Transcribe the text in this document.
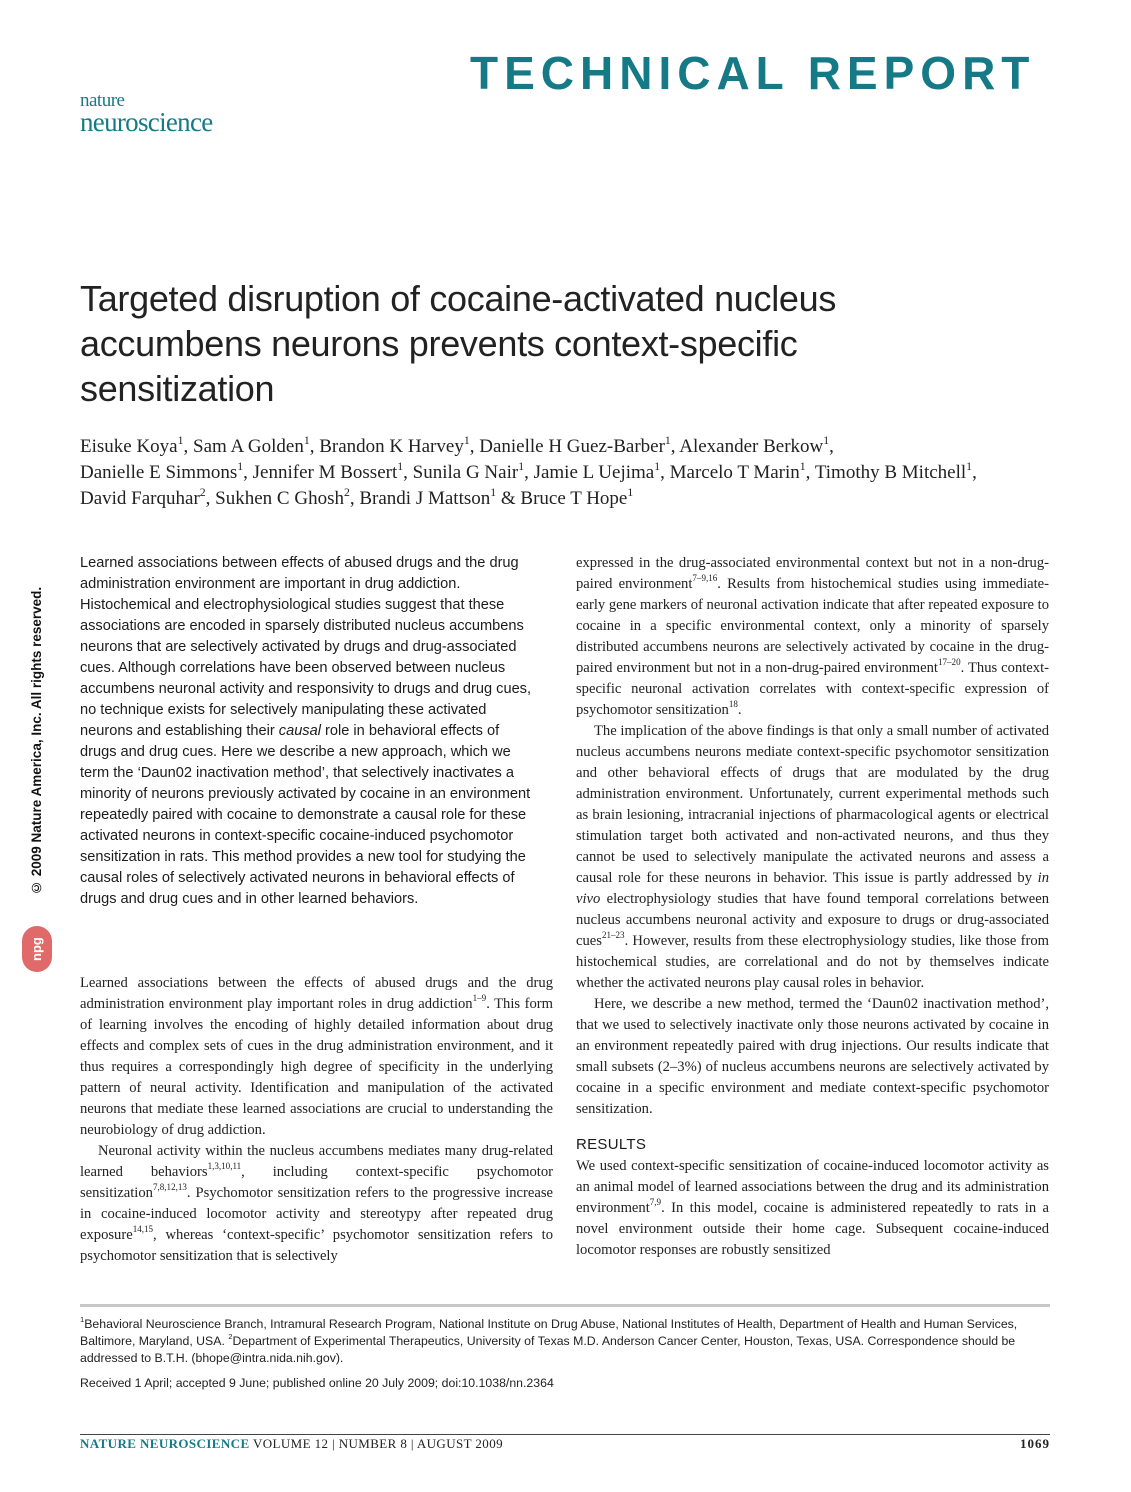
TECHNICAL REPORT
nature
neuroscience
Targeted disruption of cocaine-activated nucleus accumbens neurons prevents context-specific sensitization
Eisuke Koya$^1$, Sam A Golden$^1$, Brandon K Harvey$^1$, Danielle H Guez-Barber$^1$, Alexander Berkow$^1$, Danielle E Simmons$^1$, Jennifer M Bossert$^1$, Sunila G Nair$^1$, Jamie L Uejima$^1$, Marcelo T Marin$^1$, Timothy B Mitchell$^1$, David Farquhar$^2$, Sukhen C Ghosh$^2$, Brandi J Mattson$^1$ & Bruce T Hope$^1$
© 2009 Nature America, Inc. All rights reserved.
npg
Learned associations between effects of abused drugs and the drug administration environment are important in drug addiction. Histochemical and electrophysiological studies suggest that these associations are encoded in sparsely distributed nucleus accumbens neurons that are selectively activated by drugs and drug-associated cues. Although correlations have been observed between nucleus accumbens neuronal activity and responsivity to drugs and drug cues, no technique exists for selectively manipulating these activated neurons and establishing their causal role in behavioral effects of drugs and drug cues. Here we describe a new approach, which we term the ‘Daun02 inactivation method’, that selectively inactivates a minority of neurons previously activated by cocaine in an environment repeatedly paired with cocaine to demonstrate a causal role for these activated neurons in context-specific cocaine-induced psychomotor sensitization in rats. This method provides a new tool for studying the causal roles of selectively activated neurons in behavioral effects of drugs and drug cues and in other learned behaviors.

Learned associations between the effects of abused drugs and the drug administration environment play important roles in drug addiction$^{1-9}$. This form of learning involves the encoding of highly detailed information about drug effects and complex sets of cues in the drug administration environment, and it thus requires a correspondingly high degree of specificity in the underlying pattern of neural activity. Identification and manipulation of the activated neurons that mediate these learned associations are crucial to understanding the neurobiology of drug addiction.

Neuronal activity within the nucleus accumbens mediates many drug-related learned behaviors$^{1,3,10,11}$, including context-specific psychomotor sensitization$^{7,8,12,13}$. Psychomotor sensitization refers to the progressive increase in cocaine-induced locomotor activity and stereotypy after repeated drug exposure$^{14,15}$, whereas ‘context-specific’ psychomotor sensitization refers to psychomotor sensitization that is selectively

expressed in the drug-associated environmental context but not in a non-drug-paired environment$^{7-9,16}$. Results from histochemical studies using immediate-early gene markers of neuronal activation indicate that after repeated exposure to cocaine in a specific environmental context, only a minority of sparsely distributed accumbens neurons are selectively activated by cocaine in the drug-paired environment but not in a non-drug-paired environment$^{17-20}$. Thus context-specific neuronal activation correlates with context-specific expression of psychomotor sensitization$^{18}$.

The implication of the above findings is that only a small number of activated nucleus accumbens neurons mediate context-specific psychomotor sensitization and other behavioral effects of drugs that are modulated by the drug administration environment. Unfortunately, current experimental methods such as brain lesioning, intracranial injections of pharmacological agents or electrical stimulation target both activated and non-activated neurons, and thus they cannot be used to selectively manipulate the activated neurons and assess a causal role for these neurons in behavior. This issue is partly addressed by in vivo electrophysiology studies that have found temporal correlations between nucleus accumbens neuronal activity and exposure to drugs or drug-associated cues$^{21-23}$. However, results from these electrophysiology studies, like those from histochemical studies, are correlational and do not by themselves indicate whether the activated neurons play causal roles in behavior.

Here, we describe a new method, termed the ‘Daun02 inactivation method’, that we used to selectively inactivate only those neurons activated by cocaine in an environment repeatedly paired with drug injections. Our results indicate that small subsets (2–3%) of nucleus accumbens neurons are selectively activated by cocaine in a specific environment and mediate context-specific psychomotor sensitization.

RESULTS

We used context-specific sensitization of cocaine-induced locomotor activity as an animal model of learned associations between the drug and its administration environment$^{7,9}$. In this model, cocaine is administered repeatedly to rats in a novel environment outside their home cage. Subsequent cocaine-induced locomotor responses are robustly sensitized

$^1$Behavioral Neuroscience Branch, Intramural Research Program, National Institute on Drug Abuse, National Institutes of Health, Department of Health and Human Services, Baltimore, Maryland, USA. $^2$Department of Experimental Therapeutics, University of Texas M.D. Anderson Cancer Center, Houston, Texas, USA. Correspondence should be addressed to B.T.H. (bhope@intra.nida.nih.gov).
Received 1 April; accepted 9 June; published online 20 July 2009; doi:10.1038/nn.2364
NATURE NEUROSCIENCE VOLUME 12 | NUMBER 8 | AUGUST 2009	1069
